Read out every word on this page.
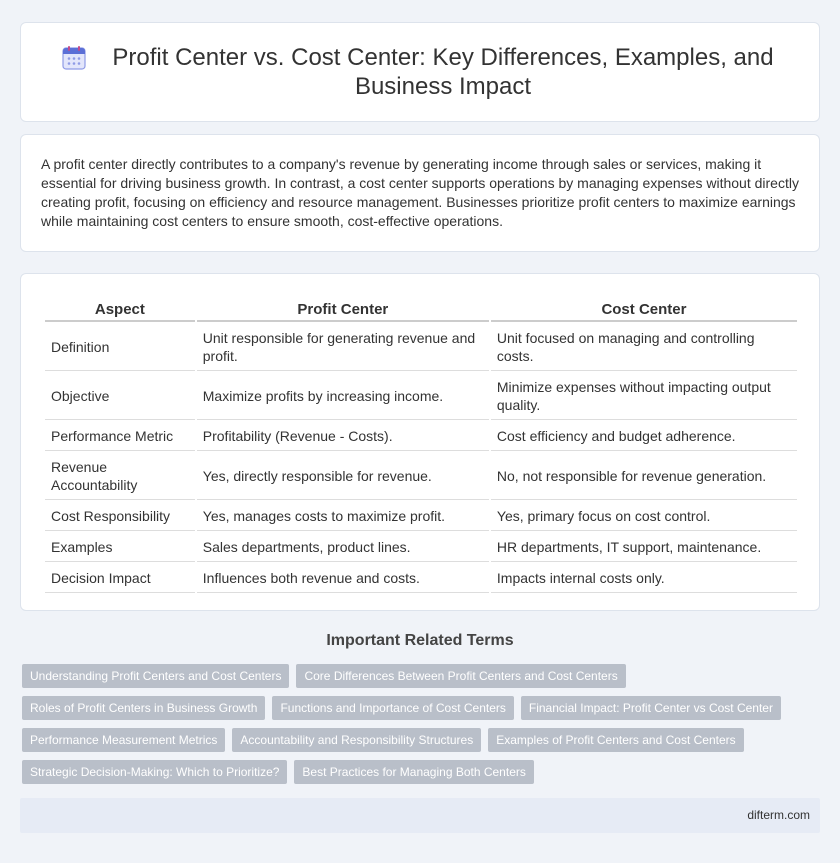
Profit Center vs. Cost Center: Key Differences, Examples, and Business Impact

A profit center directly contributes to a company's revenue by generating income through sales or services, making it essential for driving business growth. In contrast, a cost center supports operations by managing expenses without directly creating profit, focusing on efficiency and resource management. Businesses prioritize profit centers to maximize earnings while maintaining cost centers to ensure smooth, cost-effective operations.

Aspect	Profit Center	Cost Center
Definition	Unit responsible for generating revenue and profit.	Unit focused on managing and controlling costs.
Objective	Maximize profits by increasing income.	Minimize expenses without impacting output quality.
Performance Metric	Profitability (Revenue - Costs).	Cost efficiency and budget adherence.
Revenue Accountability	Yes, directly responsible for revenue.	No, not responsible for revenue generation.
Cost Responsibility	Yes, manages costs to maximize profit.	Yes, primary focus on cost control.
Examples	Sales departments, product lines.	HR departments, IT support, maintenance.
Decision Impact	Influences both revenue and costs.	Impacts internal costs only.
Important Related Terms
Understanding Profit Centers and Cost Centers	Core Differences Between Profit Centers and Cost Centers
Roles of Profit Centers in Business Growth	Functions and Importance of Cost Centers	Financial Impact: Profit Center vs Cost Center
Performance Measurement Metrics	Accountability and Responsibility Structures	Examples of Profit Centers and Cost Centers
Strategic Decision-Making: Which to Prioritize?	Best Practices for Managing Both Centers
difterm.com
